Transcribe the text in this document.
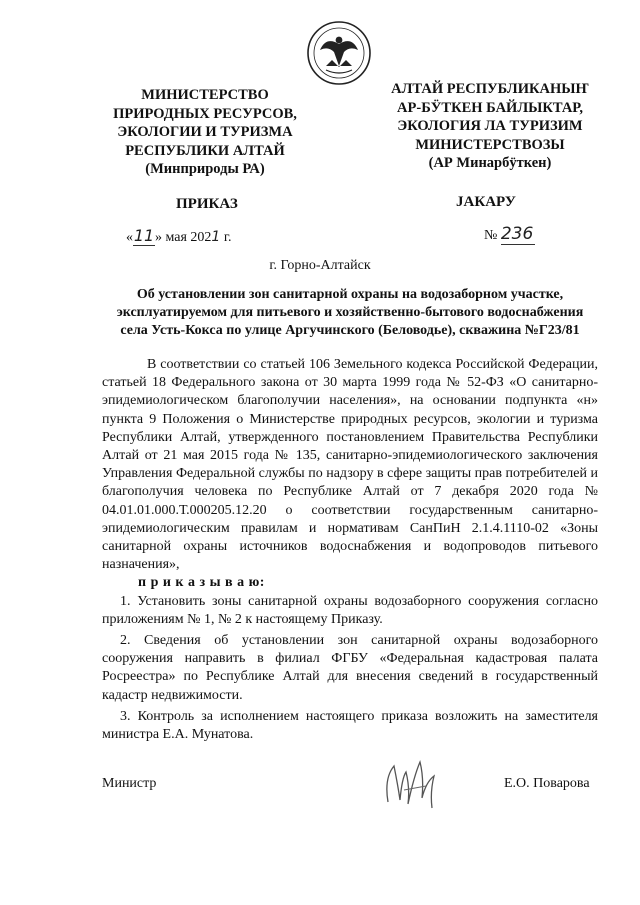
МИНИСТЕРСТВО
ПРИРОДНЫХ РЕСУРСОВ,
ЭКОЛОГИИ И ТУРИЗМА
РЕСПУБЛИКИ АЛТАЙ
(Минприроды РА)
АЛТАЙ РЕСПУБЛИКАНЫҤ
АР-БӰТКЕН БАЙЛЫКТАР,
ЭКОЛОГИЯ ЛА ТУРИЗИМ
МИНИСТЕРСТВОЗЫ
(АР Минарбӱткен)
ПРИКАЗ	JАКАРУ
«11» мая 2021 г.	№ 236
г. Горно-Алтайск
Об установлении зон санитарной охраны на водозаборном участке,
эксплуатируемом для питьевого и хозяйственно-бытового водоснабжения
села Усть-Кокса по улице Аргучинского (Беловодье), скважина №Г23/81
В соответствии со статьей 106 Земельного кодекса Российской Федерации, статьей 18 Федерального закона от 30 марта 1999 года № 52-ФЗ «О санитарно-эпидемиологическом благополучии населения», на основании подпункта «н» пункта 9 Положения о Министерстве природных ресурсов, экологии и туризма Республики Алтай, утвержденного постановлением Правительства Республики Алтай от 21 мая 2015 года № 135, санитарно-эпидемиологического заключения Управления Федеральной службы по надзору в сфере защиты прав потребителей и благополучия человека по Республике Алтай от 7 декабря 2020 года № 04.01.01.000.Т.000205.12.20 о соответствии государственным санитарно-эпидемиологическим правилам и нормативам СанПиН 2.1.4.1110-02 «Зоны санитарной охраны источников водоснабжения и водопроводов питьевого назначения»,
п р и к а з ы в а ю:
1. Установить зоны санитарной охраны водозаборного сооружения согласно приложениям № 1, № 2 к настоящему Приказу.
2. Сведения об установлении зон санитарной охраны водозаборного сооружения направить в филиал ФГБУ «Федеральная кадастровая палата Росреестра» по Республике Алтай для внесения сведений в государственный кадастр недвижимости.
3. Контроль за исполнением настоящего приказа возложить на заместителя министра Е.А. Мунатова.
Министр	Е.О. Поварова
